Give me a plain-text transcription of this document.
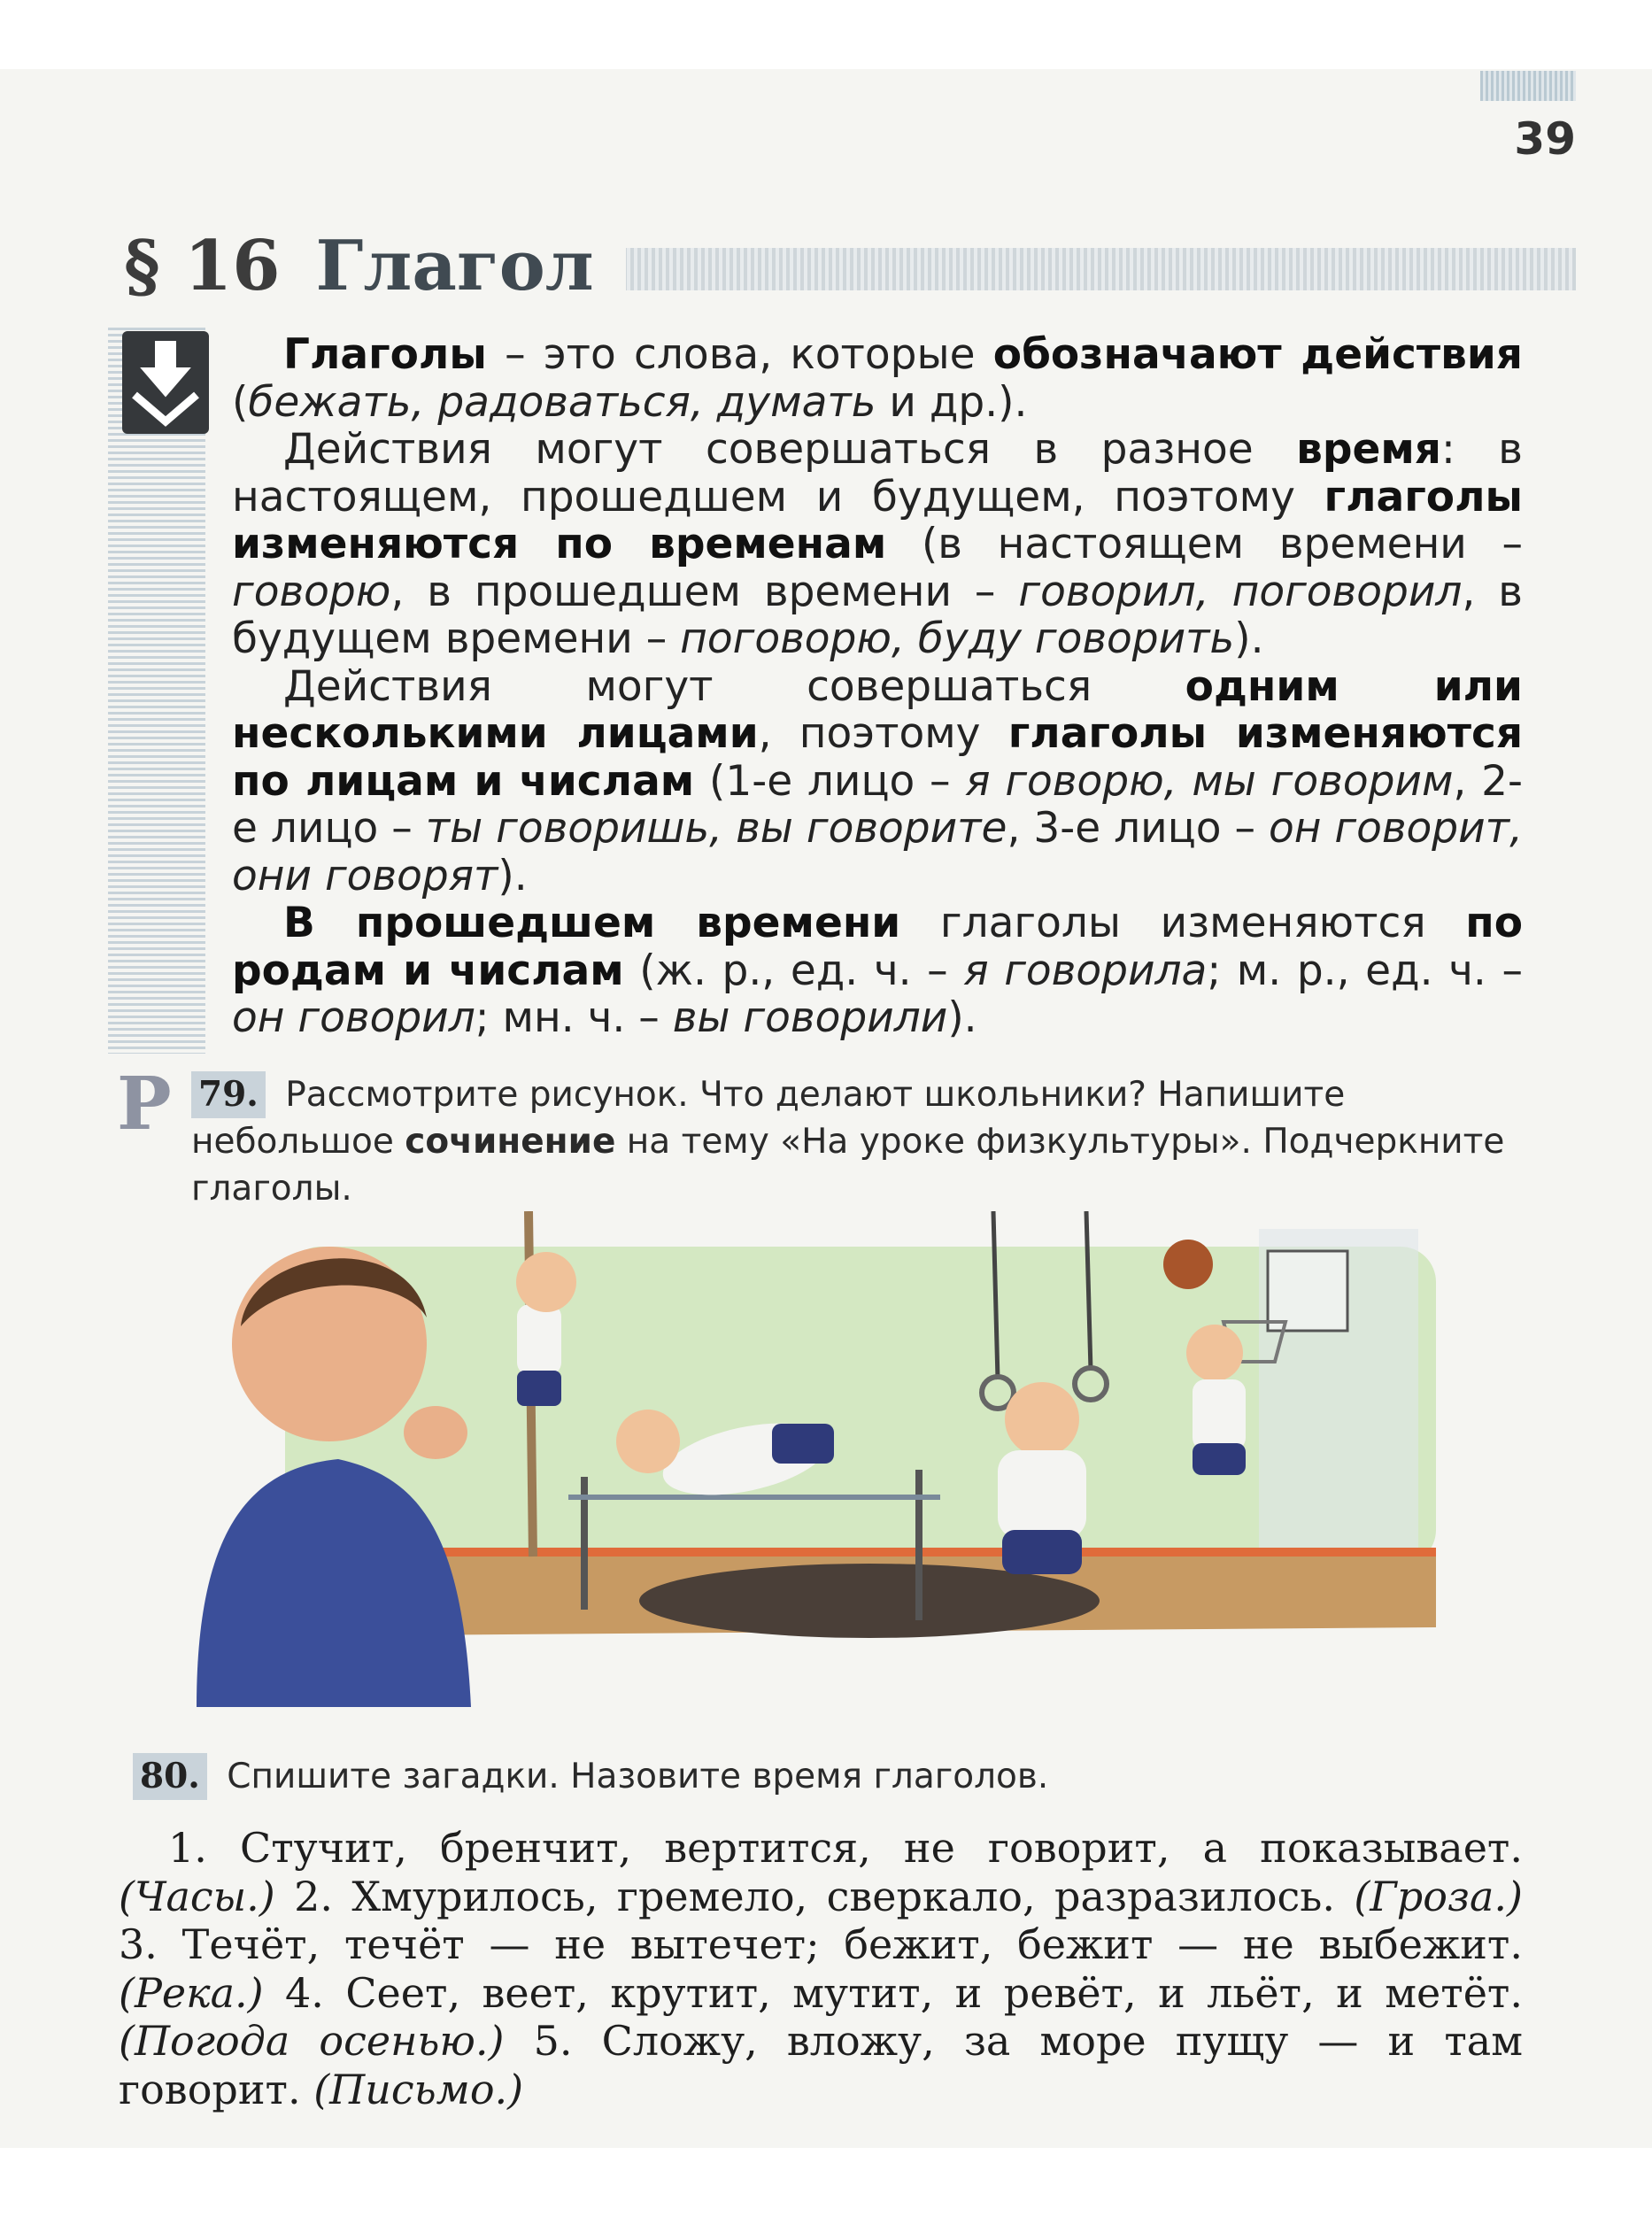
39
§ 16 Глагол

Глаголы – это слова, которые обозначают действия (бежать, радоваться, думать и др.).

Действия могут совершаться в разное время: в настоящем, прошедшем и будущем, поэтому глаголы изменяются по временам (в настоящем времени – говорю, в прошедшем времени – говорил, поговорил, в будущем времени – поговорю, буду говорить).

Действия могут совершаться одним или несколькими лицами, поэтому глаголы изменяются по лицам и числам (1-е лицо – я говорю, мы говорим, 2-е лицо – ты говоришь, вы говорите, 3-е лицо – он говорит, они говорят).

В прошедшем времени глаголы изменяются по родам и числам (ж. р., ед. ч. – я говорила; м. р., ед. ч. – он говорил; мн. ч. – вы говорили).

Р 79. Рассмотрите рисунок. Что делают школьники? Напишите небольшое сочинение на тему «На уроке физкультуры». Подчеркните глаголы.
80. Спишите загадки. Назовите время глаголов.

1. Стучит, бренчит, вертится, не говорит, а показывает. (Часы.) 2. Хмурилось, гремело, сверкало, разразилось. (Гроза.) 3. Течёт, течёт — не вытечет; бежит, бежит — не выбежит. (Река.) 4. Сеет, веет, крутит, мутит, и ревёт, и льёт, и метёт. (Погода осенью.) 5. Сложу, вложу, за море пущу — и там говорит. (Письмо.)
